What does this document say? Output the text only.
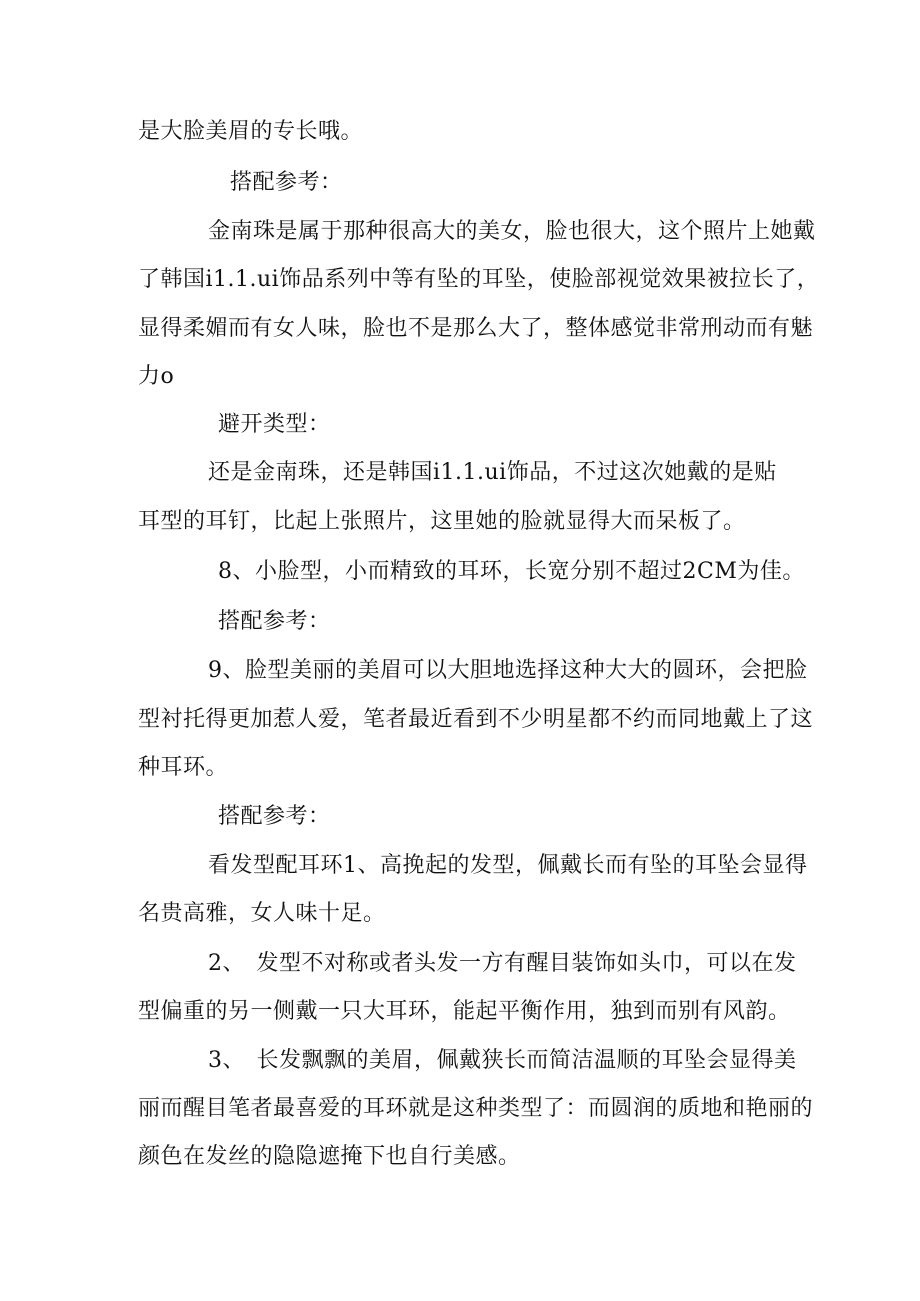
是大脸美眉的专长哦。
搭配参考：
金南珠是属于那种很高大的美女，脸也很大，这个照片上她戴
了韩国i1.1.ui饰品系列中等有坠的耳坠，使脸部视觉效果被拉长了，
显得柔媚而有女人味，脸也不是那么大了，整体感觉非常刑动而有魅
力o
避开类型：
还是金南珠，还是韩国i1.1.ui饰品，不过这次她戴的是贴
耳型的耳钉，比起上张照片，这里她的脸就显得大而呆板了。
8、小脸型，小而精致的耳环，长宽分别不超过2CM为佳。
搭配参考：
9、脸型美丽的美眉可以大胆地选择这种大大的圆环，会把脸
型衬托得更加惹人爱，笔者最近看到不少明星都不约而同地戴上了这
种耳环。
搭配参考：
看发型配耳环1、高挽起的发型，佩戴长而有坠的耳坠会显得
名贵高雅，女人味十足。
2、　发型不对称或者头发一方有醒目装饰如头巾，可以在发
型偏重的另一侧戴一只大耳环，能起平衡作用，独到而别有风韵。
3、　长发飘飘的美眉，佩戴狭长而简洁温顺的耳坠会显得美
丽而醒目笔者最喜爱的耳环就是这种类型了：而圆润的质地和艳丽的
颜色在发丝的隐隐遮掩下也自行美感。
